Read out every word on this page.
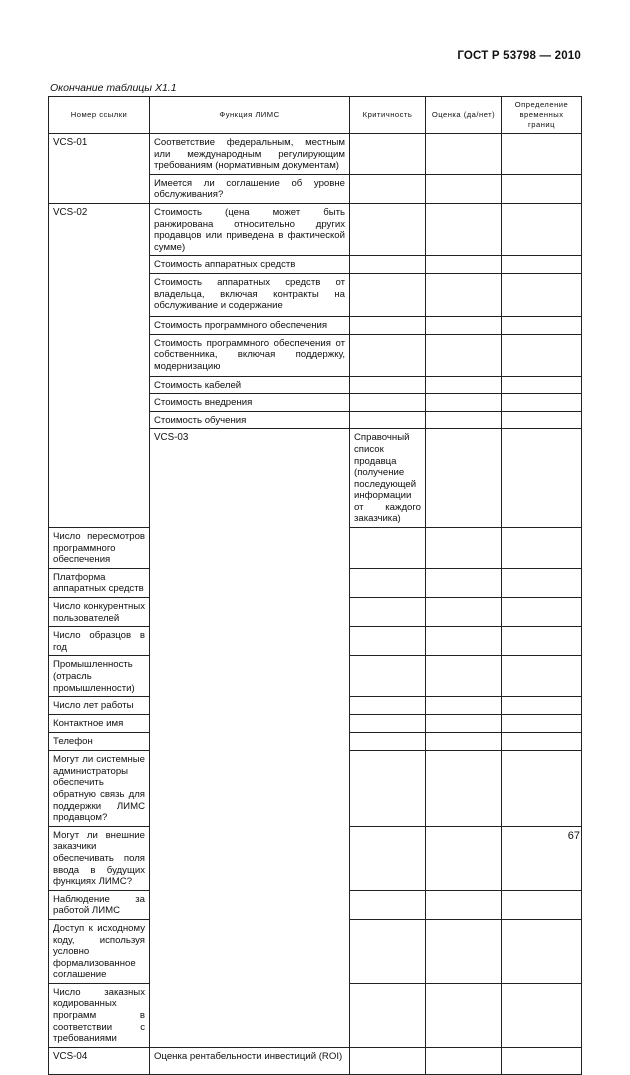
ГОСТ Р 53798 — 2010
Окончание таблицы Х1.1
Номер ссылки	Функция ЛИМС	Критичность	Оценка (да/нет)	Определение временных границ	
VCS-01	Соответствие федеральным, местным или международным регулирующим требованиям (нормативным документам)				
	Имеется ли соглашение об уровне обслуживания?				
VCS-02	Стоимость (цена может быть ранжирована относительно других продавцов или приведена в фактической сумме)				
	Стоимость аппаратных средств				
	Стоимость аппаратных средств от владельца, включая контракты на обслуживание и содержание				
	Стоимость программного обеспечения				
	Стоимость программного обеспечения от собственника, включая поддержку, модернизацию				
	Стоимость кабелей				
	Стоимость внедрения				
	Стоимость обучения				
	VCS-03	Справочный список продавца (получение последующей информации от каждого заказчика)			
Число пересмотров программного обеспечения					
Платформа аппаратных средств					
Число конкурентных пользователей					
Число образцов в год					
Промышленность (отрасль промышленности)					
Число лет работы					
Контактное имя					
Телефон					
Могут ли системные администраторы обеспечить обратную связь для поддержки ЛИМС продавцом?					
Могут ли внешние заказчики обеспечивать поля ввода в будущих функциях ЛИМС?					
Наблюдение за работой ЛИМС					
Доступ к исходному коду, используя условно формализованное соглашение					
Число заказных кодированных программ в соответствии с требованиями					
VCS-04	Оценка рентабельности инвестиций (ROI)				
67
